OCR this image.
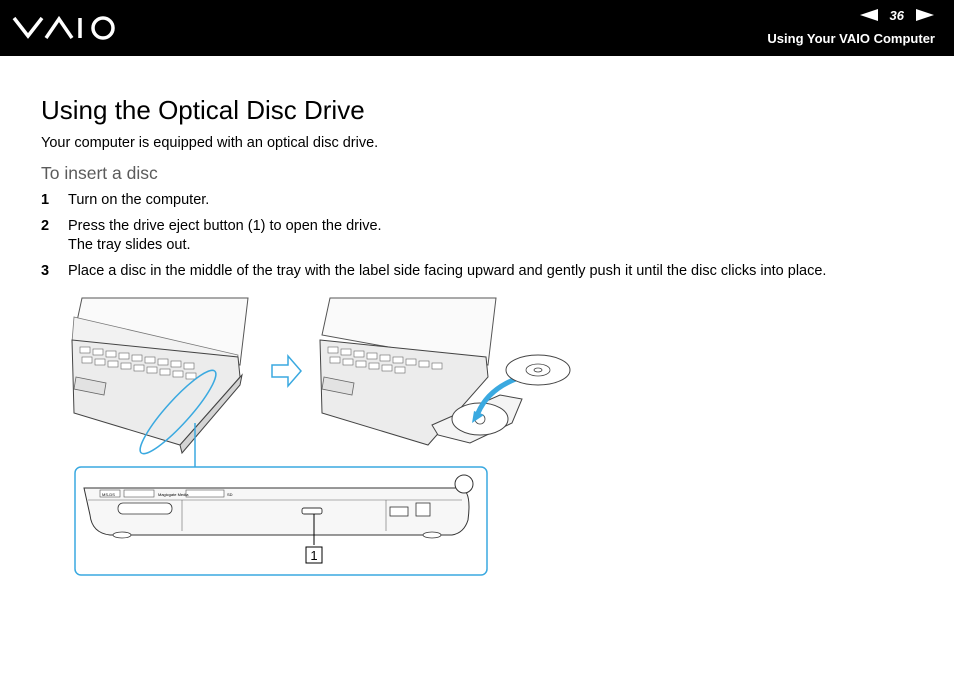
36
Using Your VAIO Computer
Using the Optical Disc Drive

Your computer is equipped with an optical disc drive.

To insert a disc
1 Turn on the computer.
2 Press the drive eject button (1) to open the drive.
The tray slides out.
3 Place a disc in the middle of the tray with the label side facing upward and gently push it until the disc clicks into place.
MS-DS	Magicgate Media	SD
1
